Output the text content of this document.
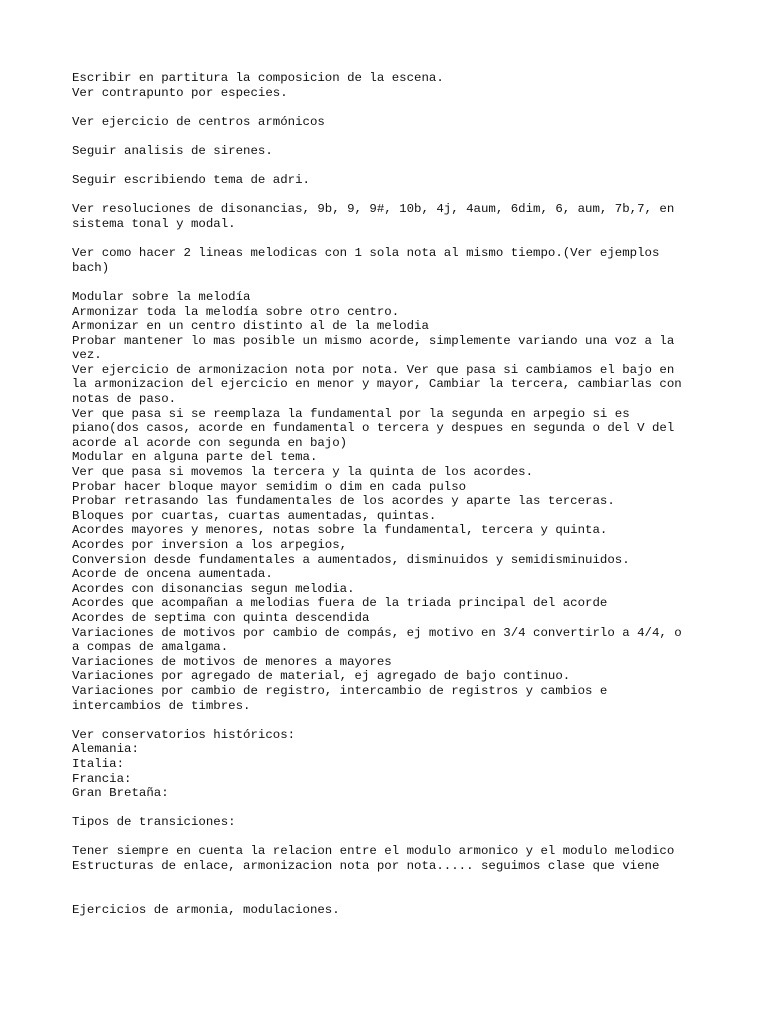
Escribir en partitura la composicion de la escena.
Ver contrapunto por especies.
Ver ejercicio de centros armónicos
Seguir analisis de sirenes.
Seguir escribiendo tema de adri.
Ver resoluciones de disonancias, 9b, 9, 9#, 10b, 4j, 4aum, 6dim, 6, aum, 7b,7, en
sistema tonal y modal.
Ver como hacer 2 lineas melodicas con 1 sola nota al mismo tiempo.(Ver ejemplos
bach)
Modular sobre la melodía
Armonizar toda la melodía sobre otro centro.
Armonizar en un centro distinto al de la melodia
Probar mantener lo mas posible un mismo acorde, simplemente variando una voz a la
vez.
Ver ejercicio de armonizacion nota por nota. Ver que pasa si cambiamos el bajo en
la armonizacion del ejercicio en menor y mayor, Cambiar la tercera, cambiarlas con
notas de paso.
Ver que pasa si se reemplaza la fundamental por la segunda en arpegio si es
piano(dos casos, acorde en fundamental o tercera y despues en segunda o del V del
acorde al acorde con segunda en bajo)
Modular en alguna parte del tema.
Ver que pasa si movemos la tercera y la quinta de los acordes.
Probar hacer bloque mayor semidim o dim en cada pulso
Probar retrasando las fundamentales de los acordes y aparte las terceras.
Bloques por cuartas, cuartas aumentadas, quintas.
Acordes mayores y menores, notas sobre la fundamental, tercera y quinta.
Acordes por inversion a los arpegios,
Conversion desde fundamentales a aumentados, disminuidos y semidisminuidos.
Acorde de oncena aumentada.
Acordes con disonancias segun melodia.
Acordes que acompañan a melodias fuera de la triada principal del acorde
Acordes de septima con quinta descendida
Variaciones de motivos por cambio de compás, ej motivo en 3/4 convertirlo a 4/4, o
a compas de amalgama.
Variaciones de motivos de menores a mayores
Variaciones por agregado de material, ej agregado de bajo continuo.
Variaciones por cambio de registro, intercambio de registros y cambios e
intercambios de timbres.
Ver conservatorios históricos:
Alemania:
Italia:
Francia:
Gran Bretaña:
Tipos de transiciones:
Tener siempre en cuenta la relacion entre el modulo armonico y el modulo melodico
Estructuras de enlace, armonizacion nota por nota..... seguimos clase que viene
Ejercicios de armonia, modulaciones.
